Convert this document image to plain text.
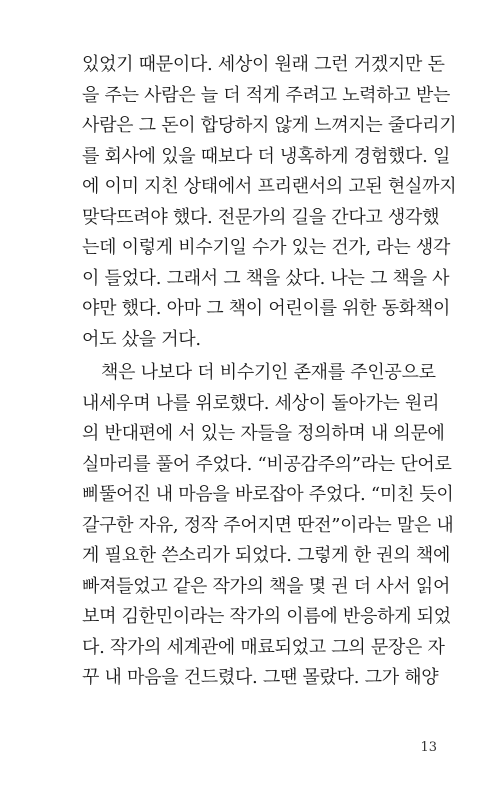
있었기 때문이다. 세상이 원래 그런 거겠지만 돈
을 주는 사람은 늘 더 적게 주려고 노력하고 받는
사람은 그 돈이 합당하지 않게 느껴지는 줄다리기
를 회사에 있을 때보다 더 냉혹하게 경험했다. 일
에 이미 지친 상태에서 프리랜서의 고된 현실까지
맞닥뜨려야 했다. 전문가의 길을 간다고 생각했
는데 이렇게 비수기일 수가 있는 건가, 라는 생각
이 들었다. 그래서 그 책을 샀다. 나는 그 책을 사
야만 했다. 아마 그 책이 어린이를 위한 동화책이
어도 샀을 거다.
책은 나보다 더 비수기인 존재를 주인공으로
내세우며 나를 위로했다. 세상이 돌아가는 원리
의 반대편에 서 있는 자들을 정의하며 내 의문에
실마리를 풀어 주었다. “비공감주의”라는 단어로
삐뚤어진 내 마음을 바로잡아 주었다. “미친 듯이
갈구한 자유, 정작 주어지면 딴전”이라는 말은 내
게 필요한 쓴소리가 되었다. 그렇게 한 권의 책에
빠져들었고 같은 작가의 책을 몇 권 더 사서 읽어
보며 김한민이라는 작가의 이름에 반응하게 되었
다. 작가의 세계관에 매료되었고 그의 문장은 자
꾸 내 마음을 건드렸다. 그땐 몰랐다. 그가 해양
13
